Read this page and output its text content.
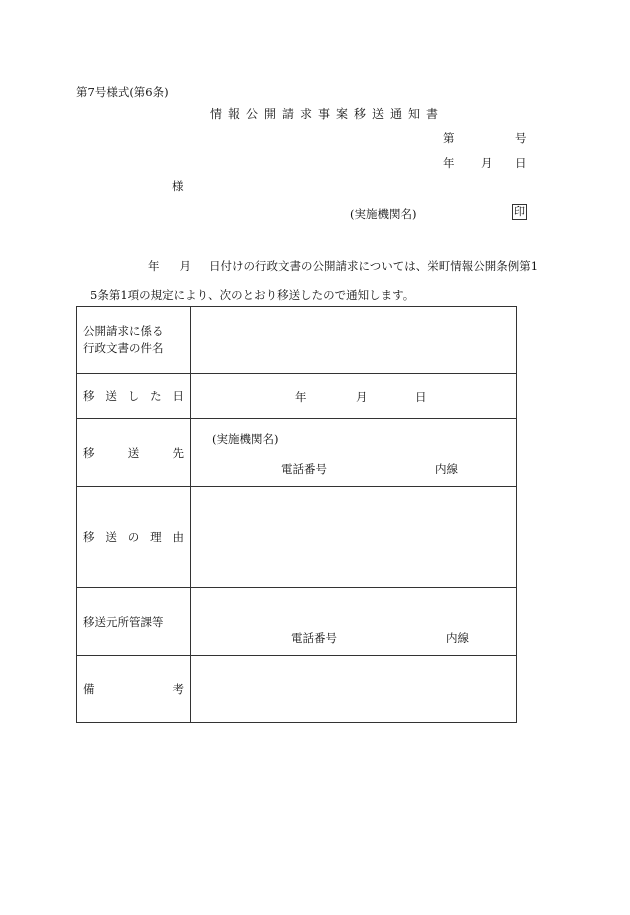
第7号様式(第6条)
情報公開請求事案移送通知書
第	号
年 月 日
様
(実施機関名)	印
年 月 日付けの行政文書の公開請求については、栄町情報公開条例第1
5条第1項の規定により、次のとおり移送したので通知します。
公開請求に係る
行政文書の件名	

移 送 し た 日	年 月 日

移 送 先	(実施機関名)
電話番号 内線

移 送 の 理 由	

移送元所管課等	電話番号 内線

備 考	
